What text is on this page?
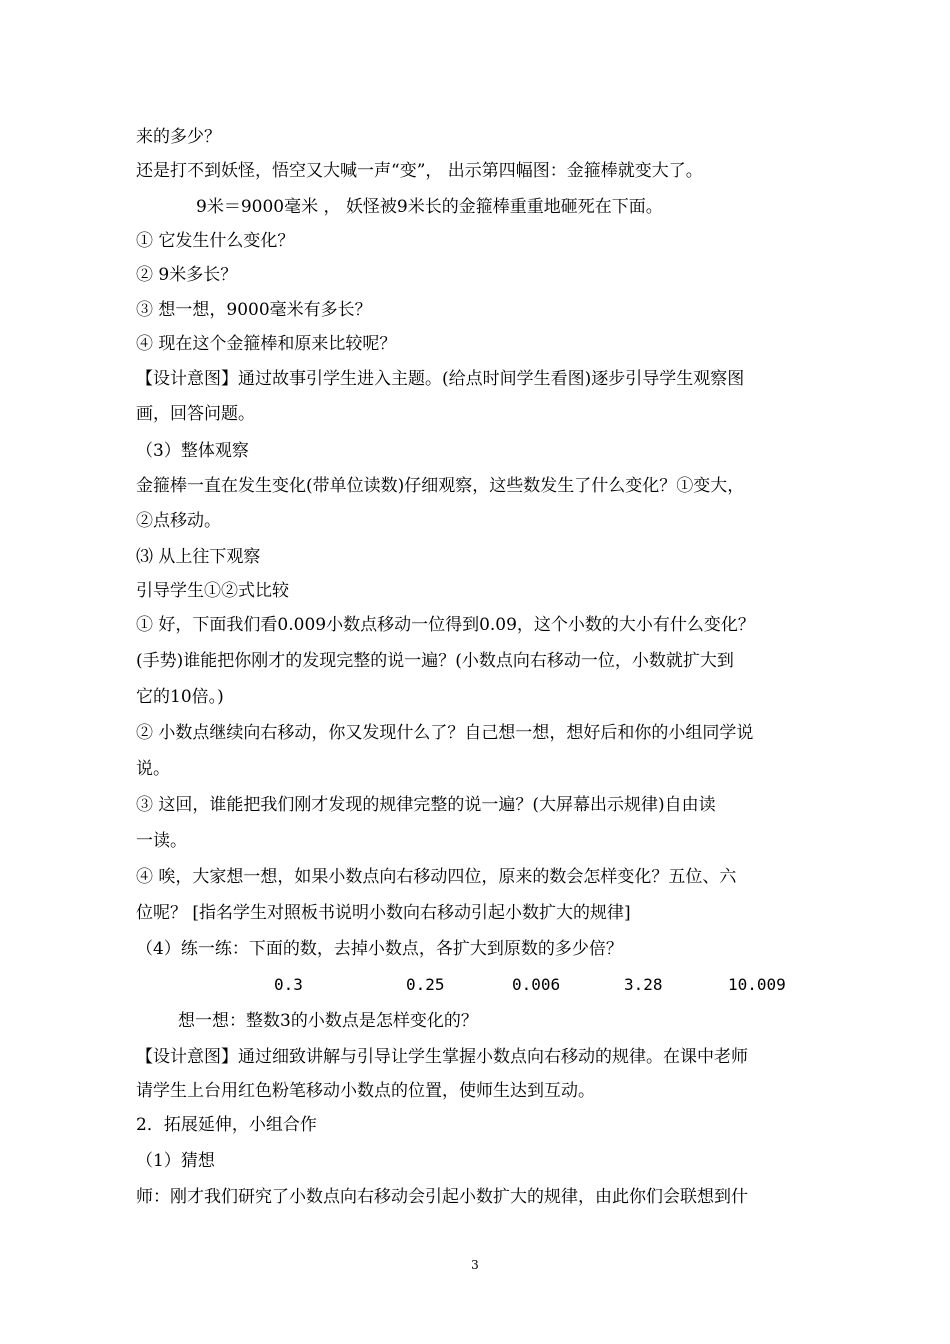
来的多少？
还是打不到妖怪，悟空又大喊一声“变”， 出示第四幅图：金箍棒就变大了。
9米＝9000毫米 ， 妖怪被9米长的金箍棒重重地砸死在下面。
① 它发生什么变化？
② 9米多长？
③ 想一想，9000毫米有多长？
④ 现在这个金箍棒和原来比较呢？
【设计意图】通过故事引学生进入主题。(给点时间学生看图)逐步引导学生观察图
画，回答问题。
（3）整体观察
金箍棒一直在发生变化(带单位读数)仔细观察，这些数发生了什么变化？①变大，
②点移动。
⑶ 从上往下观察
引导学生①②式比较
① 好，下面我们看0.009小数点移动一位得到0.09，这个小数的大小有什么变化？
(手势)谁能把你刚才的发现完整的说一遍？(小数点向右移动一位，小数就扩大到
它的10倍。)
② 小数点继续向右移动，你又发现什么了？自己想一想，想好后和你的小组同学说
说。
③ 这回，谁能把我们刚才发现的规律完整的说一遍？(大屏幕出示规律)自由读
一读。
④ 唉，大家想一想，如果小数点向右移动四位，原来的数会怎样变化？五位、六
位呢？ [指名学生对照板书说明小数向右移动引起小数扩大的规律]
（4）练一练：下面的数，去掉小数点，各扩大到原数的多少倍？
0.3	0.25	0.006	3.28	10.009
想一想：整数3的小数点是怎样变化的？
【设计意图】通过细致讲解与引导让学生掌握小数点向右移动的规律。在课中老师
请学生上台用红色粉笔移动小数点的位置，使师生达到互动。
2．拓展延伸，小组合作
（1）猜想
师：刚才我们研究了小数点向右移动会引起小数扩大的规律，由此你们会联想到什
3
